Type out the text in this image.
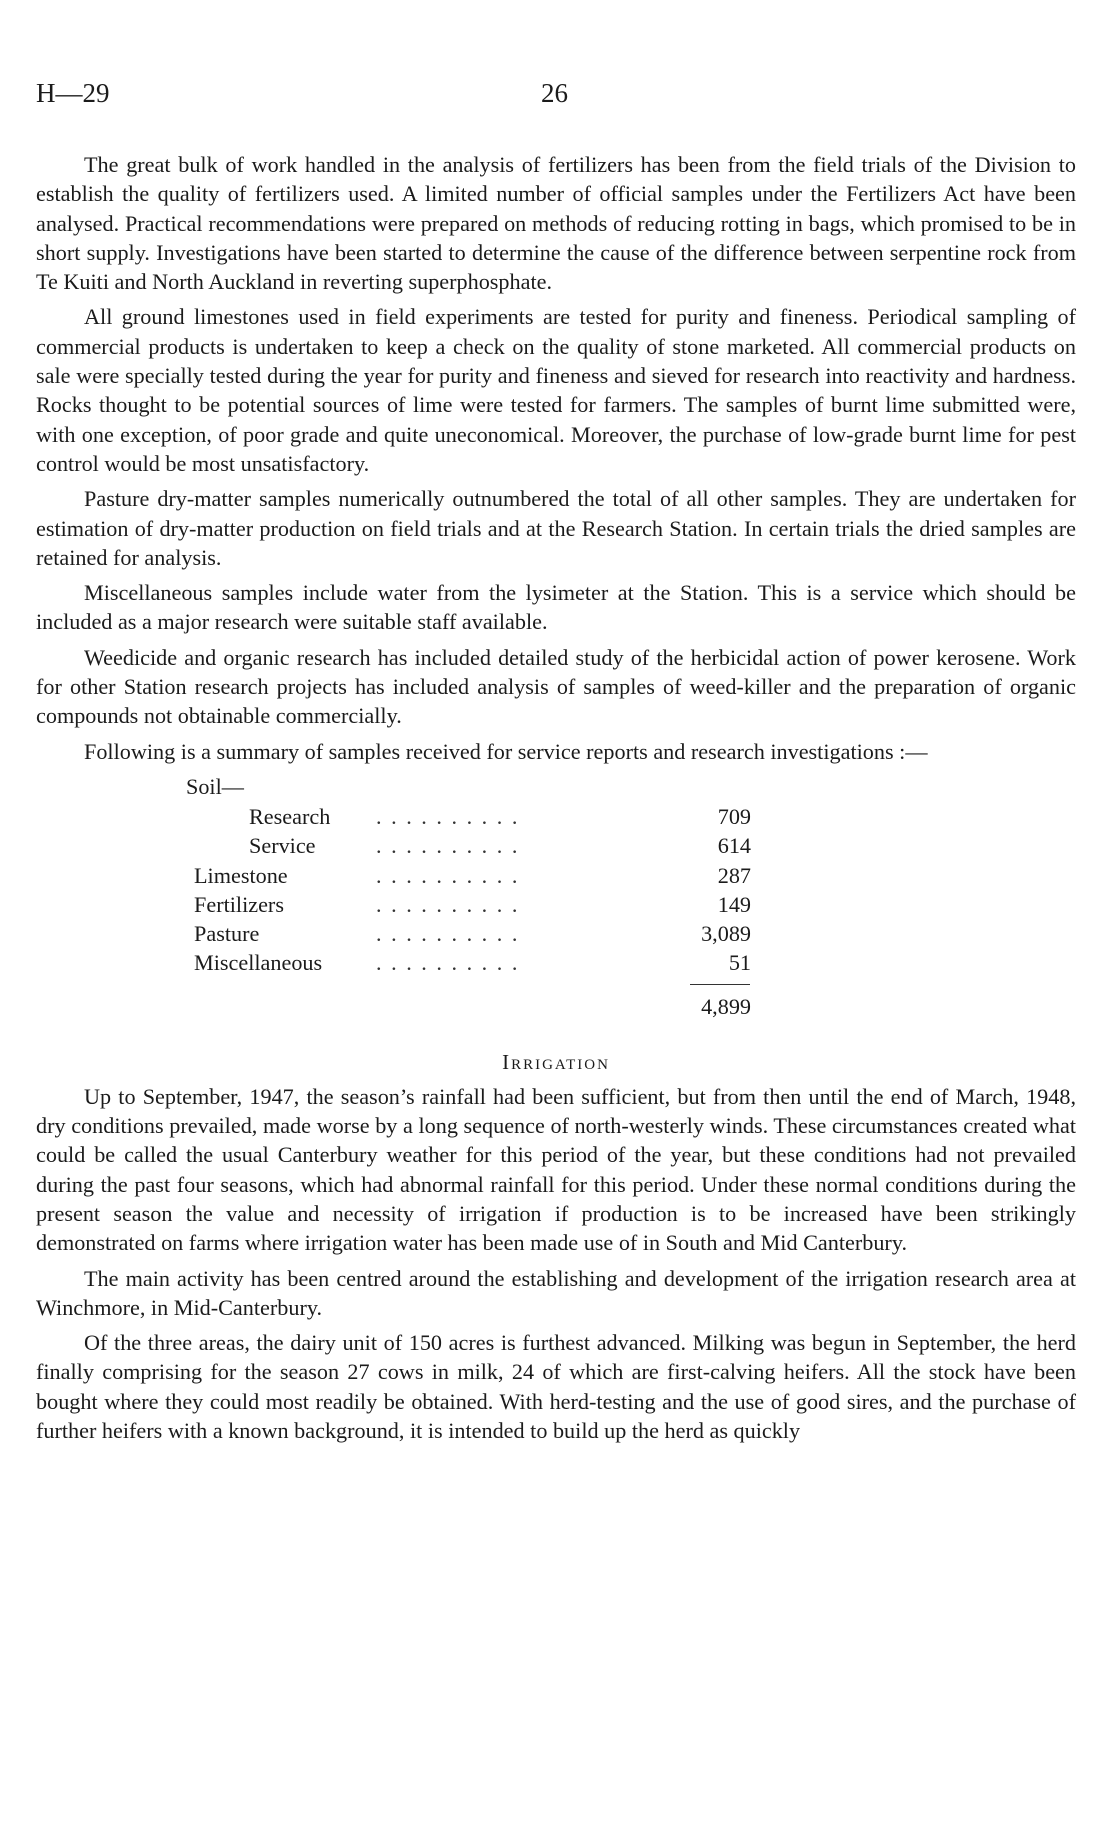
H—29	26

The great bulk of work handled in the analysis of fertilizers has been from the field trials of the Division to establish the quality of fertilizers used. A limited number of official samples under the Fertilizers Act have been analysed. Practical recommendations were prepared on methods of reducing rotting in bags, which promised to be in short supply. Investigations have been started to determine the cause of the difference between serpentine rock from Te Kuiti and North Auckland in reverting superphosphate.

All ground limestones used in field experiments are tested for purity and fineness. Periodical sampling of commercial products is undertaken to keep a check on the quality of stone marketed. All commercial products on sale were specially tested during the year for purity and fineness and sieved for research into reactivity and hardness. Rocks thought to be potential sources of lime were tested for farmers. The samples of burnt lime submitted were, with one exception, of poor grade and quite uneconomical. Moreover, the purchase of low-grade burnt lime for pest control would be most unsatisfactory.

Pasture dry-matter samples numerically outnumbered the total of all other samples. They are undertaken for estimation of dry-matter production on field trials and at the Research Station. In certain trials the dried samples are retained for analysis.

Miscellaneous samples include water from the lysimeter at the Station. This is a service which should be included as a major research were suitable staff available.

Weedicide and organic research has included detailed study of the herbicidal action of power kerosene. Work for other Station research projects has included analysis of samples of weed-killer and the preparation of organic compounds not obtainable commercially.

Following is a summary of samples received for service reports and research investigations :—

Soil—
Research . . . . . . . . . .	709
Service	. . . . . . . . . .	614
Limestone	. . . . . . . . . .	287
Fertilizers	. . . . . . . . . .	149
Pasture	. . . . . . . . . .	3,089
Miscellaneous . . . . . . . . . .	51
4,899
Irrigation

Up to September, 1947, the season’s rainfall had been sufficient, but from then until the end of March, 1948, dry conditions prevailed, made worse by a long sequence of north-westerly winds. These circumstances created what could be called the usual Canterbury weather for this period of the year, but these conditions had not prevailed during the past four seasons, which had abnormal rainfall for this period. Under these normal conditions during the present season the value and necessity of irrigation if production is to be increased have been strikingly demonstrated on farms where irrigation water has been made use of in South and Mid Canterbury.

The main activity has been centred around the establishing and development of the irrigation research area at Winchmore, in Mid-Canterbury.

Of the three areas, the dairy unit of 150 acres is furthest advanced. Milking was begun in September, the herd finally comprising for the season 27 cows in milk, 24 of which are first-calving heifers. All the stock have been bought where they could most readily be obtained. With herd-testing and the use of good sires, and the purchase of further heifers with a known background, it is intended to build up the herd as quickly
